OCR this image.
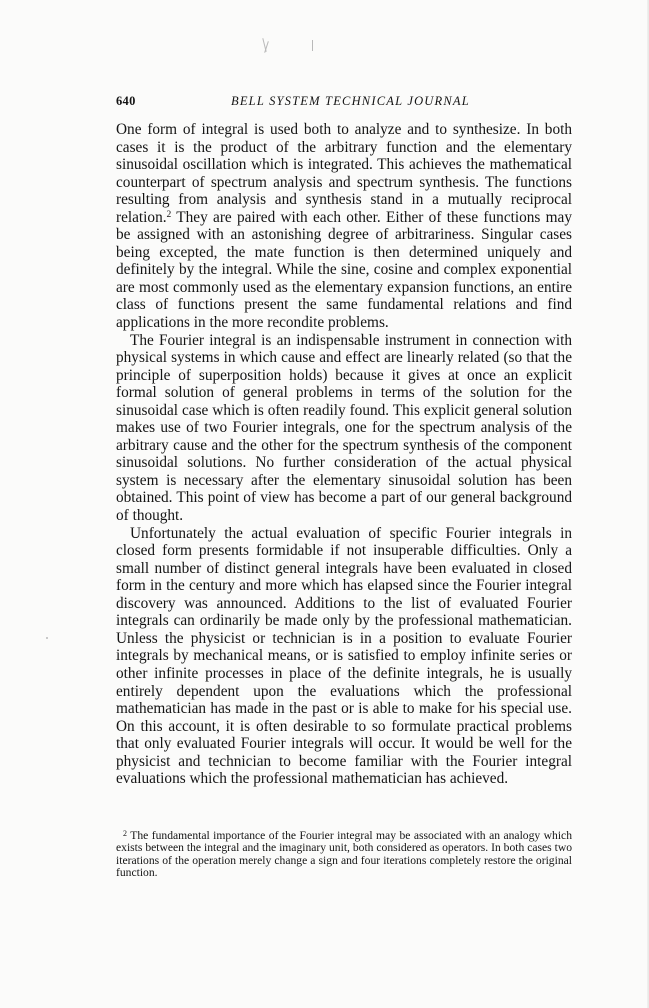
640	BELL SYSTEM TECHNICAL JOURNAL

One form of integral is used both to analyze and to synthesize. In both cases it is the product of the arbitrary function and the elementary sinusoidal oscillation which is integrated. This achieves the mathematical counterpart of spectrum analysis and spectrum synthesis. The functions resulting from analysis and synthesis stand in a mutually reciprocal relation.$^2$ They are paired with each other. Either of these functions may be assigned with an astonishing degree of arbitrariness. Singular cases being excepted, the mate function is then determined uniquely and definitely by the integral. While the sine, cosine and complex exponential are most commonly used as the elementary expansion functions, an entire class of functions present the same fundamental relations and find applications in the more recondite problems.

The Fourier integral is an indispensable instrument in connection with physical systems in which cause and effect are linearly related (so that the principle of superposition holds) because it gives at once an explicit formal solution of general problems in terms of the solution for the sinusoidal case which is often readily found. This explicit general solution makes use of two Fourier integrals, one for the spectrum analysis of the arbitrary cause and the other for the spectrum synthesis of the component sinusoidal solutions. No further consideration of the actual physical system is necessary after the elementary sinusoidal solution has been obtained. This point of view has become a part of our general background of thought.

Unfortunately the actual evaluation of specific Fourier integrals in closed form presents formidable if not insuperable difficulties. Only a small number of distinct general integrals have been evaluated in closed form in the century and more which has elapsed since the Fourier integral discovery was announced. Additions to the list of evaluated Fourier integrals can ordinarily be made only by the professional mathematician. Unless the physicist or technician is in a position to evaluate Fourier integrals by mechanical means, or is satisfied to employ infinite series or other infinite processes in place of the definite integrals, he is usually entirely dependent upon the evaluations which the professional mathematician has made in the past or is able to make for his special use. On this account, it is often desirable to so formulate practical problems that only evaluated Fourier integrals will occur. It would be well for the physicist and technician to become familiar with the Fourier integral evaluations which the professional mathematician has achieved.

$^2$ The fundamental importance of the Fourier integral may be associated with an analogy which exists between the integral and the imaginary unit, both considered as operators. In both cases two iterations of the operation merely change a sign and four iterations completely restore the original function.
